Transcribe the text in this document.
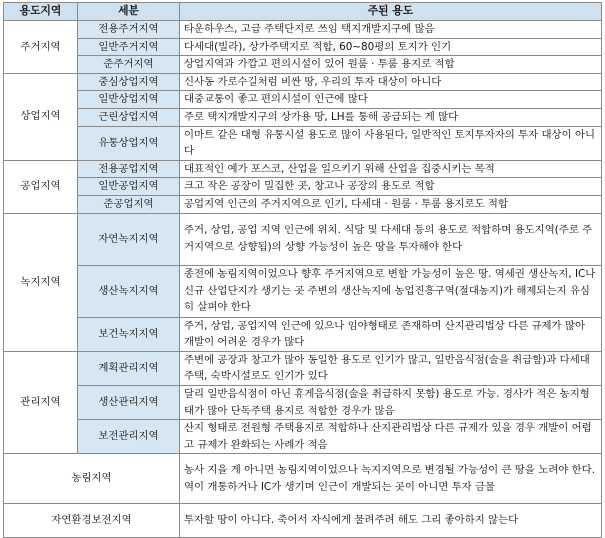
용도지역	세분	주된 용도
주거지역	전용주거지역	타운하우스, 고급 주택단지로 쓰임 택지개발지구에 많음
	일반주거지역	다세대(빌라), 상가주택지로 적합, 60~80평의 토지가 인기
	준주거지역	상업지역과 가깝고 편의시설이 있어 원룸 · 투룸 용지로 적합
상업지역	중심상업지역	신사동 가로수길처럼 비싼 땅, 우리의 투자 대상이 아니다
	일반상업지역	대중교통이 좋고 편의시설이 인근에 많다
	근린상업지역	주로 택지개발지구의 상가용 땅, LH를 통해 공급되는 게 많다
	유통상업지역	이마트 같은 대형 유통시설 용도로 많이 사용된다, 일반적인 토지투자자의 투자 대상이 아니다
공업지역	전용공업지역	대표적인 예가 포스코, 산업을 일으키기 위해 산업을 집중시키는 목적
	일반공업지역	크고 작은 공장이 밀집한 곳, 창고나 공장의 용도로 적합
	준공업지역	공업지역 인근의 주거지역으로 인기, 다세대 · 원룸 · 투룸 용지로도 적합
녹지지역	자연녹지지역	주거, 상업, 공업 지역 인근에 위치. 식당 및 다세대 등의 용도로 적합하며 용도지역(주로 주거지역으로 상향됨)의 상향 가능성이 높은 땅을 투자해야 한다
	생산녹지지역	종전에 농림지역이었으나 향후 주거지역으로 변할 가능성이 높은 땅. 역세권 생산녹지, IC나 신규 산업단지가 생기는 곳 주변의 생산녹지에 농업진흥구역(절대농지)가 해제되는지 유심히 살펴야 한다
	보건녹지지역	주거, 상업, 공업지역 인근에 있으나 임야형태로 존재하며 산지관리법상 다른 규제가 많아 개발이 어려운 경우가 많다
관리지역	계획관리지역	주변에 공장과 창고가 많아 동일한 용도로 인기가 많고, 일반음식점(술을 취급함)과 다세대주택, 숙박시설로도 인기가 있다
	생산관리지역	달리 일반음식점이 아닌 휴게음식점(술을 취급하지 못함) 용도로 가능. 경사가 적은 농지형태가 많아 단독주택 용지로 적합한 경우가 많음
	보전관리지역	산지 형태로 전원형 주택용지로 적합하나 산지관리법상 다른 규제가 있을 경우 개발이 어렵고 규제가 완화되는 사례가 적음
농림지역		농사 지을 게 아니면 농림지역이었으나 녹지지역으로 변경될 가능성이 큰 땅을 노려야 한다. 역이 개통하거나 IC가 생기며 인근이 개발되는 곳이 아니면 투자 금물
자연환경보전지역		투자할 땅이 아니다. 죽어서 자식에게 물려주려 해도 그리 좋아하지 않는다
